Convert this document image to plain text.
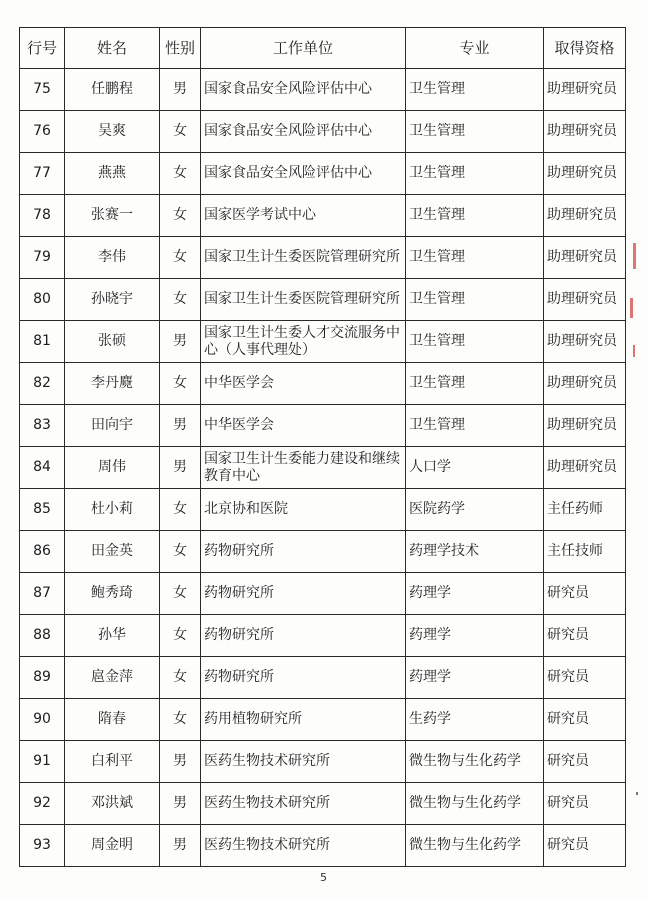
行号	姓名	性别	工作单位	专业	取得资格
75	任鹏程	男	国家食品安全风险评估中心	卫生管理	助理研究员
76	吴爽	女	国家食品安全风险评估中心	卫生管理	助理研究员
77	燕燕	女	国家食品安全风险评估中心	卫生管理	助理研究员
78	张赛一	女	国家医学考试中心	卫生管理	助理研究员
79	李伟	女	国家卫生计生委医院管理研究所	卫生管理	助理研究员
80	孙晓宇	女	国家卫生计生委医院管理研究所	卫生管理	助理研究员
81	张硕	男	国家卫生计生委人才交流服务中心（人事代理处）	卫生管理	助理研究员
82	李丹麑	女	中华医学会	卫生管理	助理研究员
83	田向宇	男	中华医学会	卫生管理	助理研究员
84	周伟	男	国家卫生计生委能力建设和继续教育中心	人口学	助理研究员
85	杜小莉	女	北京协和医院	医院药学	主任药师
86	田金英	女	药物研究所	药理学技术	主任技师
87	鲍秀琦	女	药物研究所	药理学	研究员
88	孙华	女	药物研究所	药理学	研究员
89	扈金萍	女	药物研究所	药理学	研究员
90	隋春	女	药用植物研究所	生药学	研究员
91	白利平	男	医药生物技术研究所	微生物与生化药学	研究员
92	邓洪斌	男	医药生物技术研究所	微生物与生化药学	研究员
93	周金明	男	医药生物技术研究所	微生物与生化药学	研究员
5
